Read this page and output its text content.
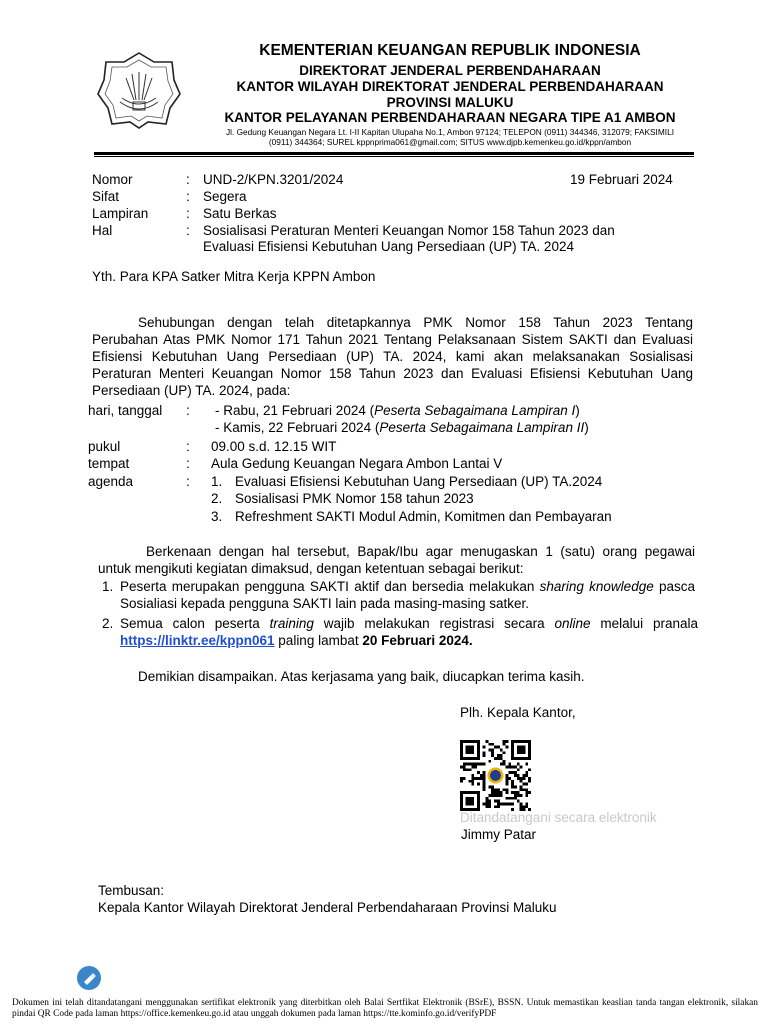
KEMENTERIAN KEUANGAN REPUBLIK INDONESIA
DIREKTORAT JENDERAL PERBENDAHARAAN
KANTOR WILAYAH DIREKTORAT JENDERAL PERBENDAHARAAN
PROVINSI MALUKU
KANTOR PELAYANAN PERBENDAHARAAN NEGARA TIPE A1 AMBON
Jl. Gedung Keuangan Negara Lt. I-II Kapitan Ulupaha No.1, Ambon 97124; TELEPON (0911) 344346, 312079; FAKSIMILI
(0911) 344364; SUREL kppnprima061@gmail.com; SITUS www.djpb.kemenkeu.go.id/kppn/ambon
Nomor	: UND-2/KPN.3201/2024	19 Februari 2024
Sifat	: Segera
Lampiran	: Satu Berkas
Hal	: Sosialisasi Peraturan Menteri Keuangan Nomor 158 Tahun 2023 dan
Evaluasi Efisiensi Kebutuhan Uang Persediaan (UP) TA. 2024
Yth. Para KPA Satker Mitra Kerja KPPN Ambon
Sehubungan dengan telah ditetapkannya PMK Nomor 158 Tahun 2023 Tentang
Perubahan Atas PMK Nomor 171 Tahun 2021 Tentang Pelaksanaan Sistem SAKTI dan Evaluasi
Efisiensi Kebutuhan Uang Persediaan (UP) TA. 2024, kami akan melaksanakan Sosialisasi
Peraturan Menteri Keuangan Nomor 158 Tahun 2023 dan Evaluasi Efisiensi Kebutuhan Uang
Persediaan (UP) TA. 2024, pada:
hari, tanggal : - Rabu, 21 Februari 2024 (Peserta Sebagaimana Lampiran I)
- Kamis, 22 Februari 2024 (Peserta Sebagaimana Lampiran II)
pukul	: 09.00 s.d. 12.15 WIT
tempat	: Aula Gedung Keuangan Negara Ambon Lantai V
agenda	: 1. Evaluasi Efisiensi Kebutuhan Uang Persediaan (UP) TA.2024
2. Sosialisasi PMK Nomor 158 tahun 2023
3. Refreshment SAKTI Modul Admin, Komitmen dan Pembayaran
Berkenaan dengan hal tersebut, Bapak/Ibu agar menugaskan 1 (satu) orang pegawai
untuk mengikuti kegiatan dimaksud, dengan ketentuan sebagai berikut:
1. Peserta merupakan pengguna SAKTI aktif dan bersedia melakukan sharing knowledge pasca
Sosialiasi kepada pengguna SAKTI lain pada masing-masing satker.
2. Semua calon peserta training wajib melakukan registrasi secara online melalui pranala
https://linktr.ee/kppn061 paling lambat 20 Februari 2024.
Demikian disampaikan. Atas kerjasama yang baik, diucapkan terima kasih.
Plh. Kepala Kantor,
Ditandatangani secara elektronik
Jimmy Patar
Tembusan:
Kepala Kantor Wilayah Direktorat Jenderal Perbendaharaan Provinsi Maluku
Dokumen ini telah ditandatangani menggunakan sertifikat elektronik yang diterbitkan oleh Balai Sertfikat Elektronik (BSrE), BSSN. Untuk memastikan keaslian tanda tangan elektronik, silakan pindai QR Code pada laman https://office.kemenkeu.go.id atau unggah dokumen pada laman https://tte.kominfo.go.id/verifyPDF
